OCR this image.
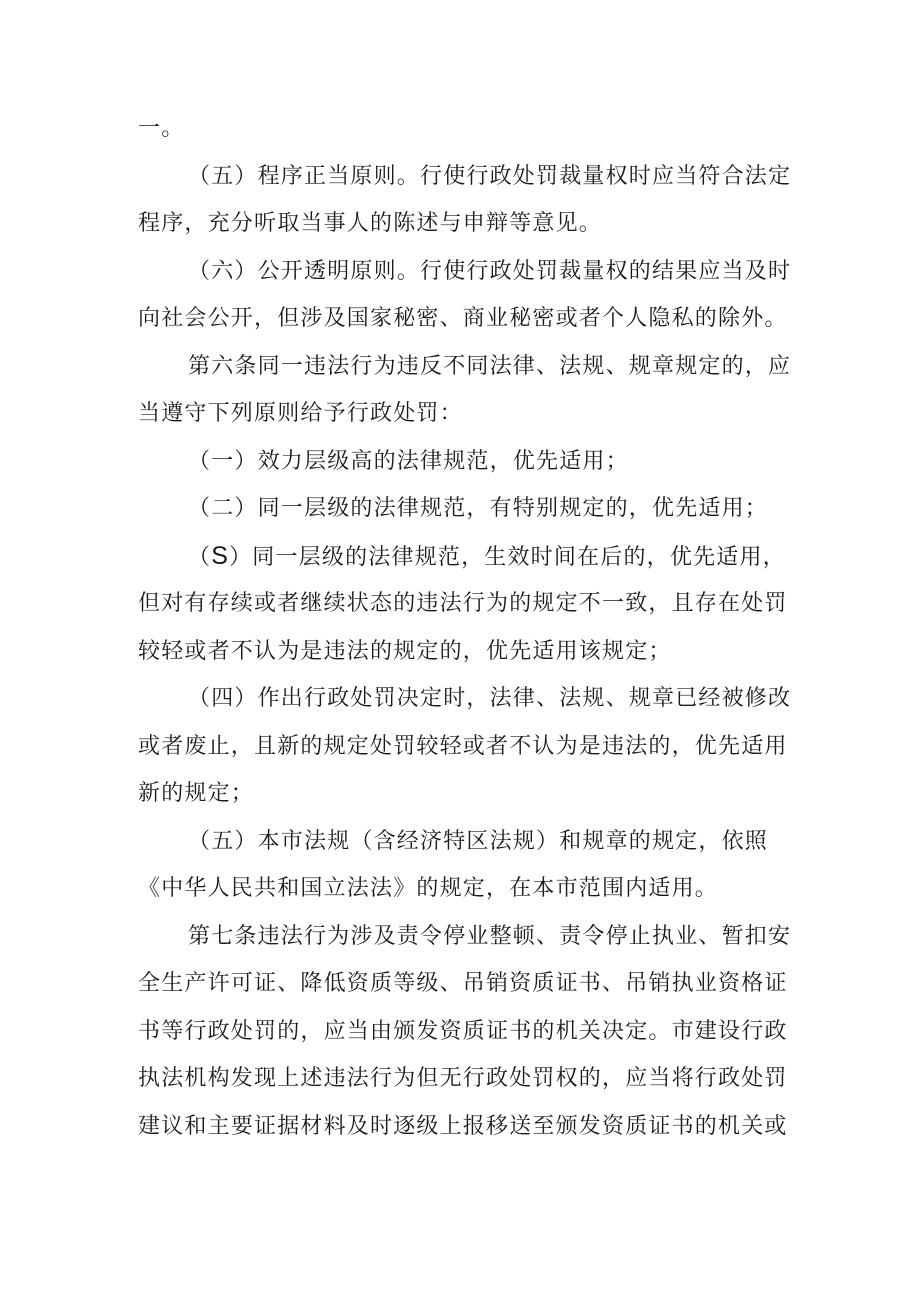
一。
（五）程序正当原则。行使行政处罚裁量权时应当符合法定
程序，充分听取当事人的陈述与申辩等意见。
（六）公开透明原则。行使行政处罚裁量权的结果应当及时
向社会公开，但涉及国家秘密、商业秘密或者个人隐私的除外。
第六条同一违法行为违反不同法律、法规、规章规定的，应
当遵守下列原则给予行政处罚：
（一）效力层级高的法律规范，优先适用；
（二）同一层级的法律规范，有特别规定的，优先适用；
（S）同一层级的法律规范，生效时间在后的，优先适用，
但对有存续或者继续状态的违法行为的规定不一致，且存在处罚
较轻或者不认为是违法的规定的，优先适用该规定；
（四）作出行政处罚决定时，法律、法规、规章已经被修改
或者废止，且新的规定处罚较轻或者不认为是违法的，优先适用
新的规定；
（五）本市法规（含经济特区法规）和规章的规定，依照
《中华人民共和国立法法》的规定，在本市范围内适用。
第七条违法行为涉及责令停业整顿、责令停止执业、暂扣安
全生产许可证、降低资质等级、吊销资质证书、吊销执业资格证
书等行政处罚的，应当由颁发资质证书的机关决定。市建设行政
执法机构发现上述违法行为但无行政处罚权的，应当将行政处罚
建议和主要证据材料及时逐级上报移送至颁发资质证书的机关或
